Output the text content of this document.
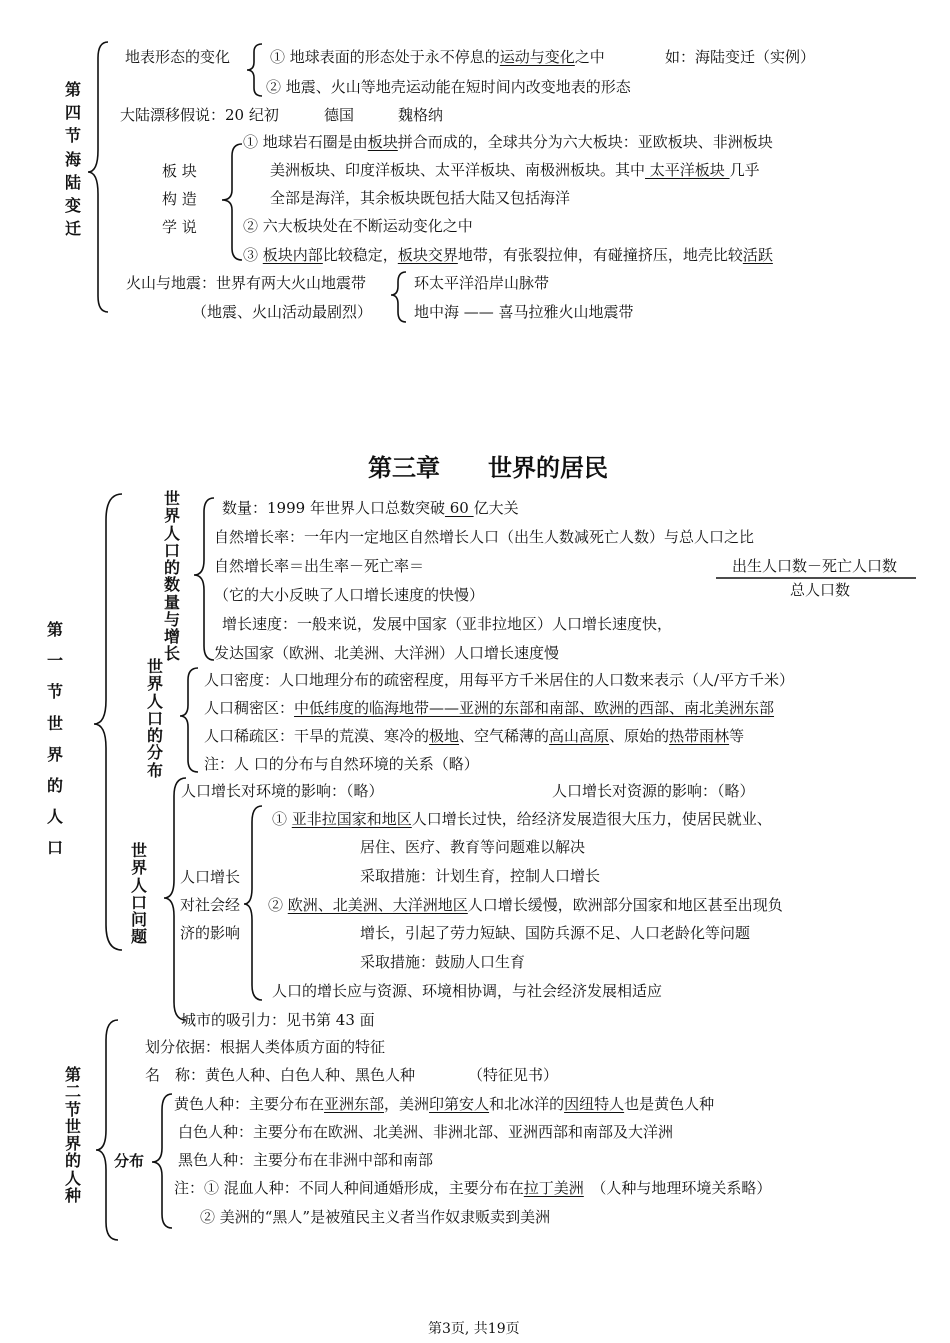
第四节 海陆变迁
地表形态的变化	① 地球表面的形态处于永不停息的运动与变化之中	如：海陆变迁（实例）
② 地震、火山等地壳运动能在短时间内改变地表的形态
大陆漂移假说：20 纪初	德国	魏格纳
板 块
构 造
学 说
① 地球岩石圈是由板块拼合而成的，全球共分为六大板块：亚欧板块、非洲板块
美洲板块、印度洋板块、太平洋板块、南极洲板块。其中 太平洋板块 几乎
全部是海洋，其余板块既包括大陆又包括海洋
② 六大板块处在不断运动变化之中
③ 板块内部比较稳定，板块交界地带，有张裂拉伸，有碰撞挤压，地壳比较活跃
火山与地震：世界有两大火山地震带
（地震、火山活动最剧烈）
环太平洋沿岸山脉带
地中海 —— 喜马拉雅火山地震带
第三章　　世界的居民
第一节 世界的人口
世界人口的数量与增长
数量：1999 年世界人口总数突破 60 亿大关
自然增长率：一年内一定地区自然增长人口（出生人数减死亡人数）与总人口之比
自然增长率＝出生率－死亡率＝	出生人口数－死亡人口数
总人口数
（它的大小反映了人口增长速度的快慢）
增长速度：一般来说，发展中国家（亚非拉地区）人口增长速度快，
发达国家（欧洲、北美洲、大洋洲）人口增长速度慢
世界人口的分布
人口密度：人口地理分布的疏密程度，用每平方千米居住的人口数来表示（人/平方千米）
人口稠密区：中低纬度的临海地带——亚洲的东部和南部、欧洲的西部、南北美洲东部
人口稀疏区：干旱的荒漠、寒冷的极地、空气稀薄的高山高原、原始的热带雨林等
注：人 口的分布与自然环境的关系（略）
世界人口问题
人口增长对环境的影响：（略）	人口增长对资源的影响：（略）
人口增长
对社会经
济的影响
① 亚非拉国家和地区人口增长过快，给经济发展造很大压力，使居民就业、
居住、医疗、教育等问题难以解决
采取措施：计划生育，控制人口增长
② 欧洲、北美洲、大洋洲地区人口增长缓慢，欧洲部分国家和地区甚至出现负
增长，引起了劳力短缺、国防兵源不足、人口老龄化等问题
采取措施：鼓励人口生育
人口的增长应与资源、环境相协调，与社会经济发展相适应
城市的吸引力：见书第 43 面
第二节 世界的人种
划分依据：根据人类体质方面的特征
名　称：黄色人种、白色人种、黑色人种	（特征见书）
分布
黄色人种：主要分布在亚洲东部，美洲印第安人和北冰洋的因纽特人也是黄色人种
白色人种：主要分布在欧洲、北美洲、非洲北部、亚洲西部和南部及大洋洲
黑色人种：主要分布在非洲中部和南部
注：① 混血人种：不同人种间通婚形成，主要分布在拉丁美洲　 （人种与地理环境关系略）
② 美洲的“黑人”是被殖民主义者当作奴隶贩卖到美洲
第3页, 共19页
